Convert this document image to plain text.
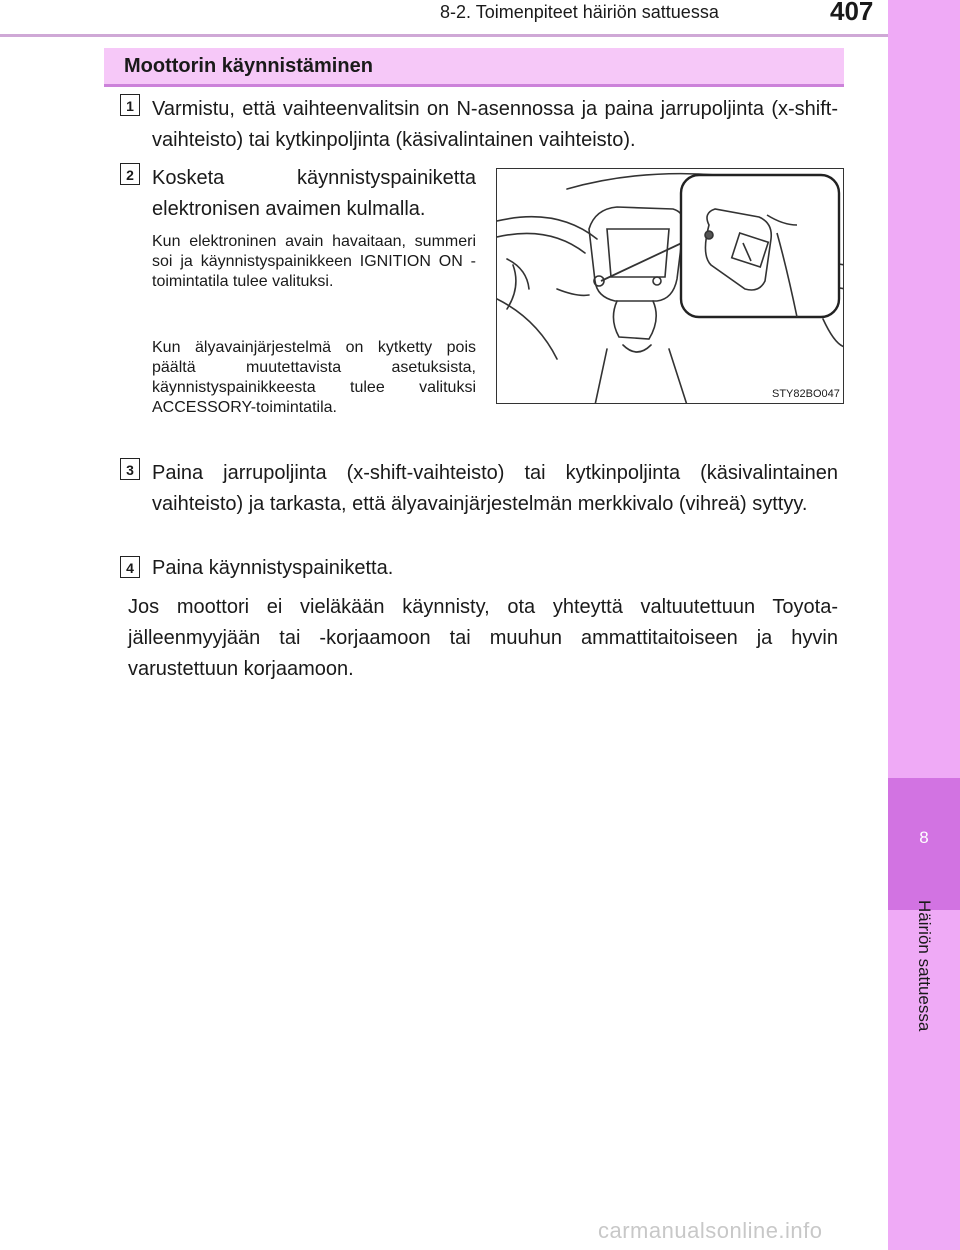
8-2. Toimenpiteet häiriön sattuessa	407
8
Häiriön sattuessa
Moottorin käynnistäminen
1 Varmistu, että vaihteenvalitsin on N-asennossa ja paina jarrupoljinta (x-shift-vaihteisto) tai kytkinpoljinta (käsivalintainen vaihteisto).
2 Kosketa käynnistyspainiketta elektronisen avaimen kulmalla.
Kun elektroninen avain havaitaan, summeri soi ja käynnistyspainikkeen IGNITION ON -toimintatila tulee valituksi.
Kun älyavainjärjestelmä on kytketty pois päältä muutettavista asetuksista, käynnistyspainikkeesta tulee valituksi ACCESSORY-toimintatila.
STY82BO047
3 Paina jarrupoljinta (x-shift-vaihteisto) tai kytkinpoljinta (käsivalintainen vaihteisto) ja tarkasta, että älyavainjärjestelmän merkkivalo (vihreä) syttyy.
4 Paina käynnistyspainiketta.
Jos moottori ei vieläkään käynnisty, ota yhteyttä valtuutettuun Toyota-jälleenmyyjään tai -korjaamoon tai muuhun ammattitaitoiseen ja hyvin varustettuun korjaamoon.
carmanualsonline.info
